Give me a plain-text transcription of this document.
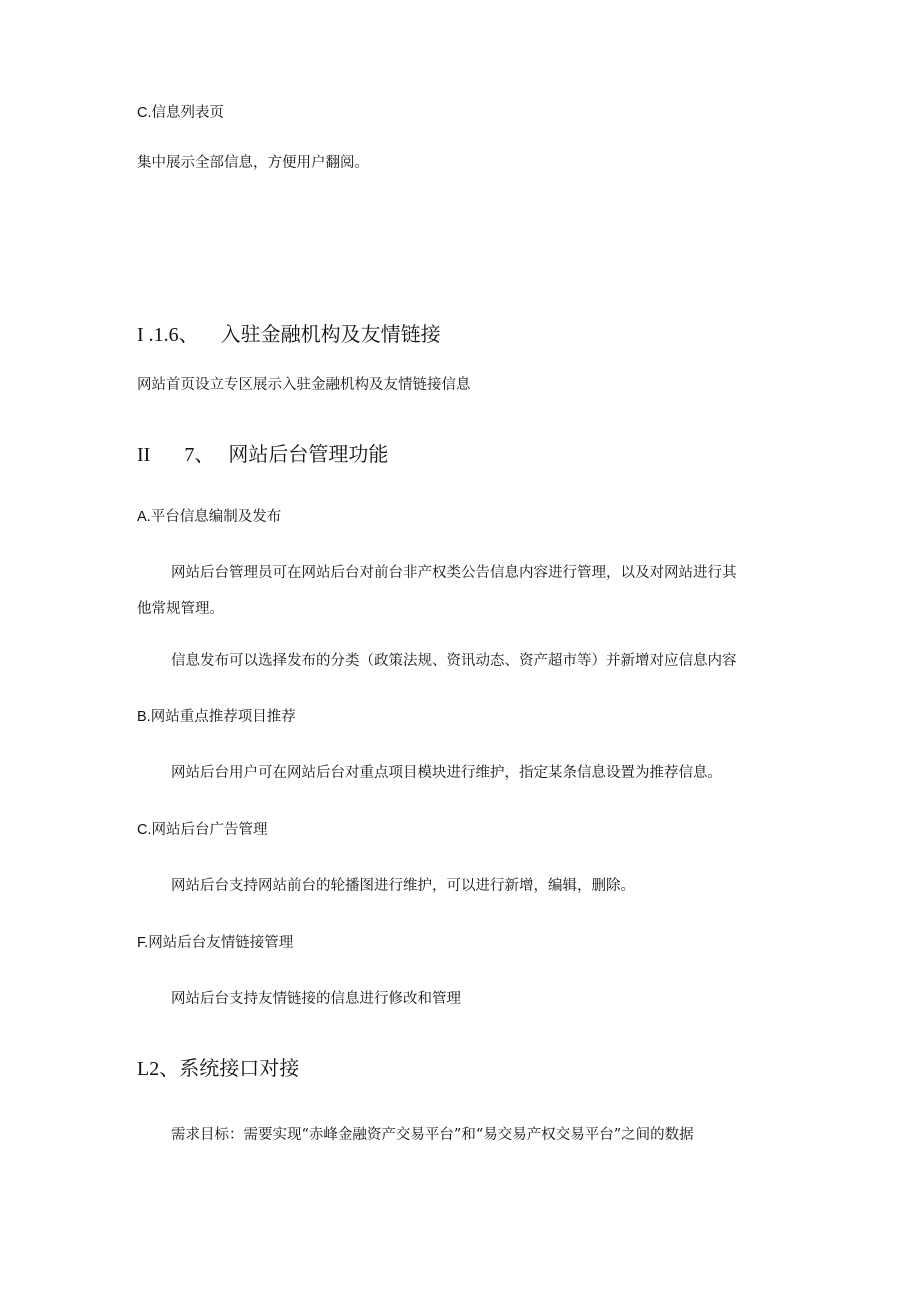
C.信息列表页

集中展示全部信息，方便用户翻阅。

I .1.6、 入驻金融机构及友情链接

网站首页设立专区展示入驻金融机构及友情链接信息

II 7、 网站后台管理功能

A.平台信息编制及发布

网站后台管理员可在网站后台对前台非产权类公告信息内容进行管理，以及对网站进行其

他常规管理。

信息发布可以选择发布的分类（政策法规、资讯动态、资产超市等）并新增对应信息内容

B.网站重点推荐项目推荐

网站后台用户可在网站后台对重点项目模块进行维护，指定某条信息设置为推荐信息。

C.网站后台广告管理

网站后台支持网站前台的轮播图进行维护，可以进行新增，编辑，删除。

F.网站后台友情链接管理

网站后台支持友情链接的信息进行修改和管理

L2、系统接口对接

需求目标：需要实现“赤峰金融资产交易平台”和“易交易产权交易平台”之间的数据
